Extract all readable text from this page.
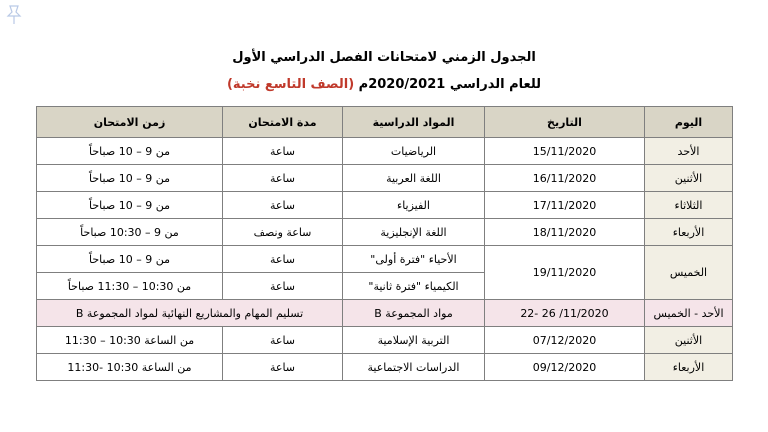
الجدول الزمني لامتحانات الفصل الدراسي الأول
للعام الدراسي 2020/2021م (الصف التاسع نخبة)
اليوم	التاريخ	المواد الدراسية	مدة الامتحان	زمن الامتحان
الأحد	15/11/2020	الرياضيات	ساعة	من 9 – 10 صباحاً
الأثنين	16/11/2020	اللغة العربية	ساعة	من 9 – 10 صباحاً
الثلاثاء	17/11/2020	الفيزياء	ساعة	من 9 – 10 صباحاً
الأربعاء	18/11/2020	اللغة الإنجليزية	ساعة ونصف	من 9 – 10:30 صباحاً
الخميس	19/11/2020	الأحياء "فترة أولى"	ساعة	من 9 – 10 صباحاً
		الكيمياء "فترة ثانية"	ساعة	من 10:30 – 11:30 صباحاً
الأحد - الخميس	22- 26 /11/2020	مواد المجموعة B	تسليم المهام والمشاريع النهائية لمواد المجموعة B	
الأثنين	07/12/2020	التربية الإسلامية	ساعة	من الساعة 10:30 – 11:30
الأربعاء	09/12/2020	الدراسات الاجتماعية	ساعة	من الساعة 10:30 -11:30
